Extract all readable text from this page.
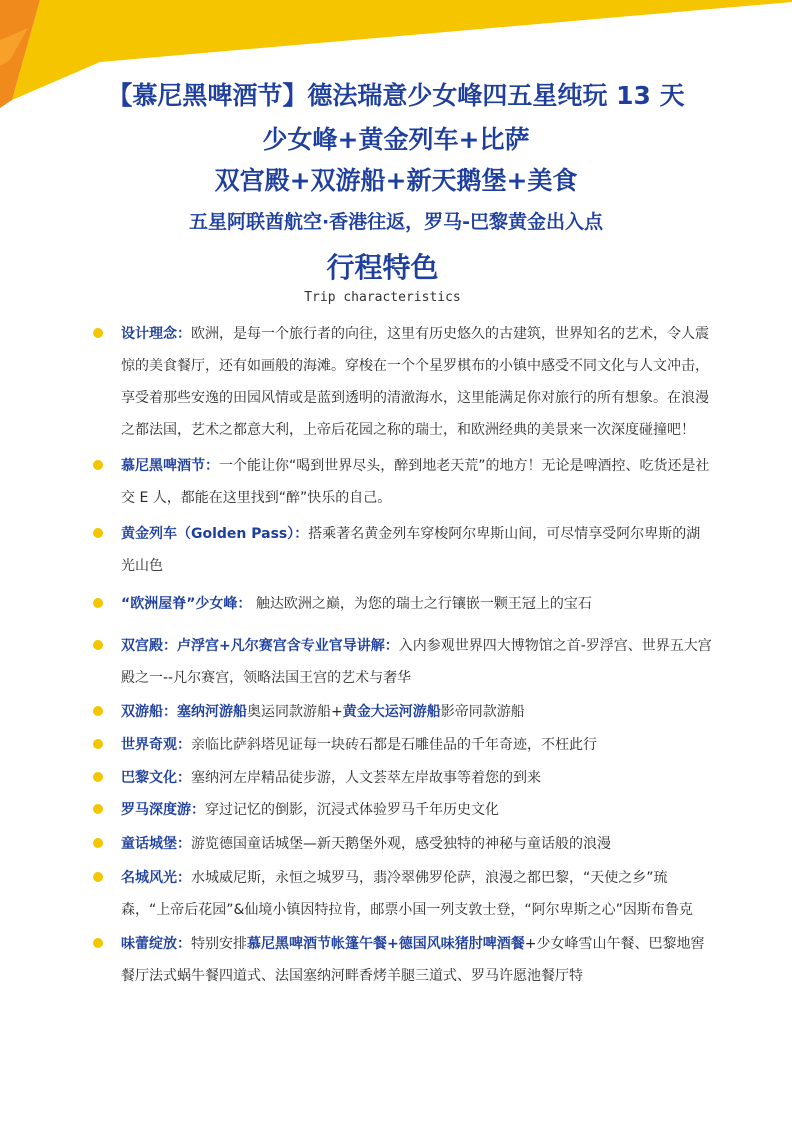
【慕尼黑啤酒节】德法瑞意少女峰四五星纯玩 13 天
少女峰+黄金列车+比萨
双宫殿+双游船+新天鹅堡+美食
五星阿联酋航空·香港往返，罗马-巴黎黄金出入点
行程特色
Trip characteristics
设计理念：欧洲，是每一个旅行者的向往，这里有历史悠久的古建筑，世界知名的艺术，令人震惊的美食餐厅，还有如画般的海滩。穿梭在一个个星罗棋布的小镇中感受不同文化与人文冲击，享受着那些安逸的田园风情或是蓝到透明的清澈海水，这里能满足你对旅行的所有想象。在浪漫之都法国，艺术之都意大利，上帝后花园之称的瑞士，和欧洲经典的美景来一次深度碰撞吧！
慕尼黑啤酒节：一个能让你“喝到世界尽头，醉到地老天荒”的地方！无论是啤酒控、吃货还是社交 E 人，都能在这里找到“醉”快乐的自己。
黄金列车（Golden Pass）：搭乘著名黄金列车穿梭阿尔卑斯山间，可尽情享受阿尔卑斯的湖光山色
“欧洲屋脊”少女峰： 触达欧洲之巅，为您的瑞士之行镶嵌一颗王冠上的宝石
双宫殿：卢浮宫+凡尔赛宫含专业官导讲解：入内参观世界四大博物馆之首-罗浮宫、世界五大宫殿之一--凡尔赛宫，领略法国王宫的艺术与奢华
双游船：塞纳河游船奥运同款游船+黄金大运河游船影帝同款游船
世界奇观：亲临比萨斜塔见证每一块砖石都是石雕佳品的千年奇迹，不枉此行
巴黎文化：塞纳河左岸精品徒步游，人文荟萃左岸故事等着您的到来
罗马深度游：穿过记忆的倒影，沉浸式体验罗马千年历史文化
童话城堡：游览德国童话城堡—新天鹅堡外观，感受独特的神秘与童话般的浪漫
名城风光：水城威尼斯，永恒之城罗马，翡冷翠佛罗伦萨，浪漫之都巴黎，“天使之乡”琉森，“上帝后花园”&仙境小镇因特拉肯，邮票小国一列支敦士登，“阿尔卑斯之心”因斯布鲁克
味蕾绽放：特别安排慕尼黑啤酒节帐篷午餐+德国风味猪肘啤酒餐+少女峰雪山午餐、巴黎地窖餐厅法式蜗牛餐四道式、法国塞纳河畔香烤羊腿三道式、罗马许愿池餐厅特
